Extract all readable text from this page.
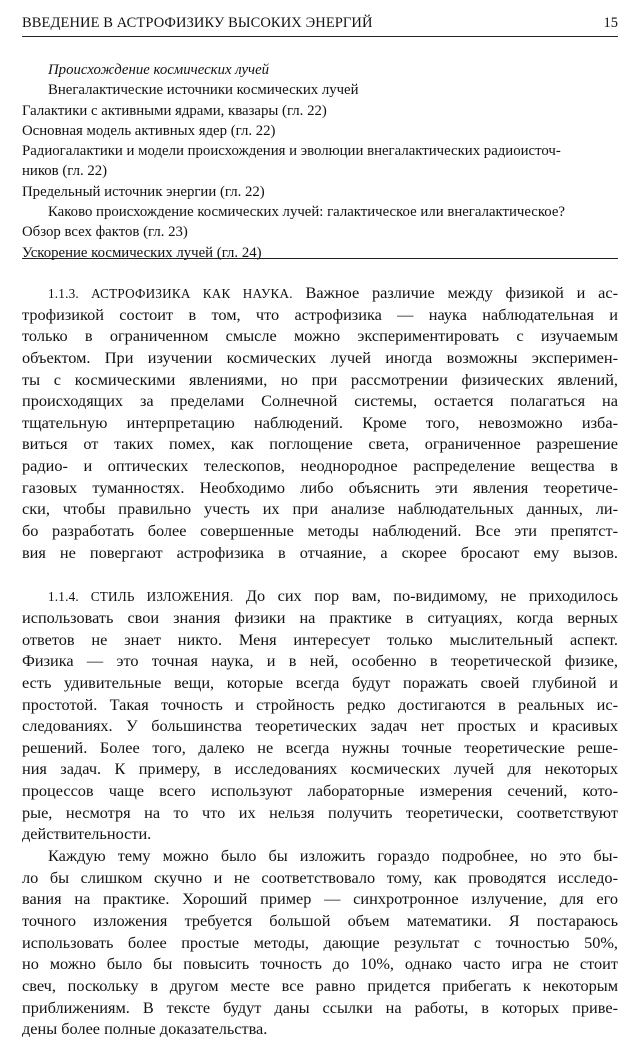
ВВЕДЕНИЕ В АСТРОФИЗИКУ ВЫСОКИХ ЭНЕРГИЙ	15
Происхождение космических лучей
Внегалактические источники космических лучей
Галактики с активными ядрами, квазары (гл. 22)
Основная модель активных ядер (гл. 22)
Радиогалактики и модели происхождения и эволюции внегалактических радиоисточ-
ников (гл. 22)
Предельный источник энергии (гл. 22)
Каково происхождение космических лучей: галактическое или внегалактическое?
Обзор всех фактов (гл. 23)
Ускорение космических лучей (гл. 24)
1.1.3. АСТРОФИЗИКА КАК НАУКА. Важное различие между физикой и ас-
трофизикой состоит в том, что астрофизика — наука наблюдательная и
только в ограниченном смысле можно экспериментировать с изучаемым
объектом. При изучении космических лучей иногда возможны эксперимен-
ты с космическими явлениями, но при рассмотрении физических явлений,
происходящих за пределами Солнечной системы, остается полагаться на
тщательную интерпретацию наблюдений. Кроме того, невозможно изба-
виться от таких помех, как поглощение света, ограниченное разрешение
радио- и оптических телескопов, неоднородное распределение вещества в
газовых туманностях. Необходимо либо объяснить эти явления теоретиче-
ски, чтобы правильно учесть их при анализе наблюдательных данных, ли-
бо разработать более совершенные методы наблюдений. Все эти препятст-
вия не повергают астрофизика в отчаяние, а скорее бросают ему вызов.
1.1.4. СТИЛЬ ИЗЛОЖЕНИЯ. До сих пор вам, по-видимому, не приходилось
использовать свои знания физики на практике в ситуациях, когда верных
ответов не знает никто. Меня интересует только мыслительный аспект.
Физика — это точная наука, и в ней, особенно в теоретической физике,
есть удивительные вещи, которые всегда будут поражать своей глубиной и
простотой. Такая точность и стройность редко достигаются в реальных ис-
следованиях. У большинства теоретических задач нет простых и красивых
решений. Более того, далеко не всегда нужны точные теоретические реше-
ния задач. К примеру, в исследованиях космических лучей для некоторых
процессов чаще всего используют лабораторные измерения сечений, кото-
рые, несмотря на то что их нельзя получить теоретически, соответствуют
действительности.
Каждую тему можно было бы изложить гораздо подробнее, но это бы-
ло бы слишком скучно и не соответствовало тому, как проводятся исследо-
вания на практике. Хороший пример — синхротронное излучение, для его
точного изложения требуется большой объем математики. Я постараюсь
использовать более простые методы, дающие результат с точностью 50%,
но можно было бы повысить точность до 10%, однако часто игра не стоит
свеч, поскольку в другом месте все равно придется прибегать к некоторым
приближениям. В тексте будут даны ссылки на работы, в которых приве-
дены более полные доказательства.
